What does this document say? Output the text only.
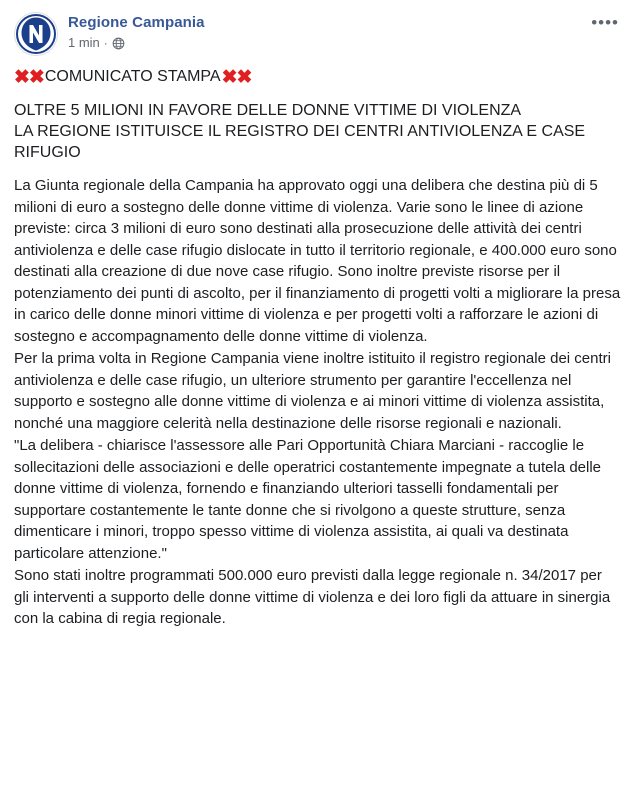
Regione Campania
1 min ·
••••
✖✖ COMUNICATO STAMPA ✖✖
OLTRE 5 MILIONI IN FAVORE DELLE DONNE VITTIME DI VIOLENZA
LA REGIONE ISTITUISCE IL REGISTRO DEI CENTRI ANTIVIOLENZA E CASE RIFUGIO

La Giunta regionale della Campania ha approvato oggi una delibera che destina più di 5 milioni di euro a sostegno delle donne vittime di violenza. Varie sono le linee di azione previste: circa 3 milioni di euro sono destinati alla prosecuzione delle attività dei centri antiviolenza e delle case rifugio dislocate in tutto il territorio regionale, e 400.000 euro sono destinati alla creazione di due nove case rifugio. Sono inoltre previste risorse per il potenziamento dei punti di ascolto, per il finanziamento di progetti volti a migliorare la presa in carico delle donne minori vittime di violenza e per progetti volti a rafforzare le azioni di sostegno e accompagnamento delle donne vittime di violenza.

Per la prima volta in Regione Campania viene inoltre istituito il registro regionale dei centri antiviolenza e delle case rifugio, un ulteriore strumento per garantire l'eccellenza nel supporto e sostegno alle donne vittime di violenza e ai minori vittime di violenza assistita, nonché una maggiore celerità nella destinazione delle risorse regionali e nazionali.

"La delibera - chiarisce l'assessore alle Pari Opportunità Chiara Marciani - raccoglie le sollecitazioni delle associazioni e delle operatrici costantemente impegnate a tutela delle donne vittime di violenza, fornendo e finanziando ulteriori tasselli fondamentali per supportare costantemente le tante donne che si rivolgono a queste strutture, senza dimenticare i minori, troppo spesso vittime di violenza assistita, ai quali va destinata particolare attenzione."

Sono stati inoltre programmati 500.000 euro previsti dalla legge regionale n. 34/2017 per gli interventi a supporto delle donne vittime di violenza e dei loro figli da attuare in sinergia con la cabina di regia regionale.
